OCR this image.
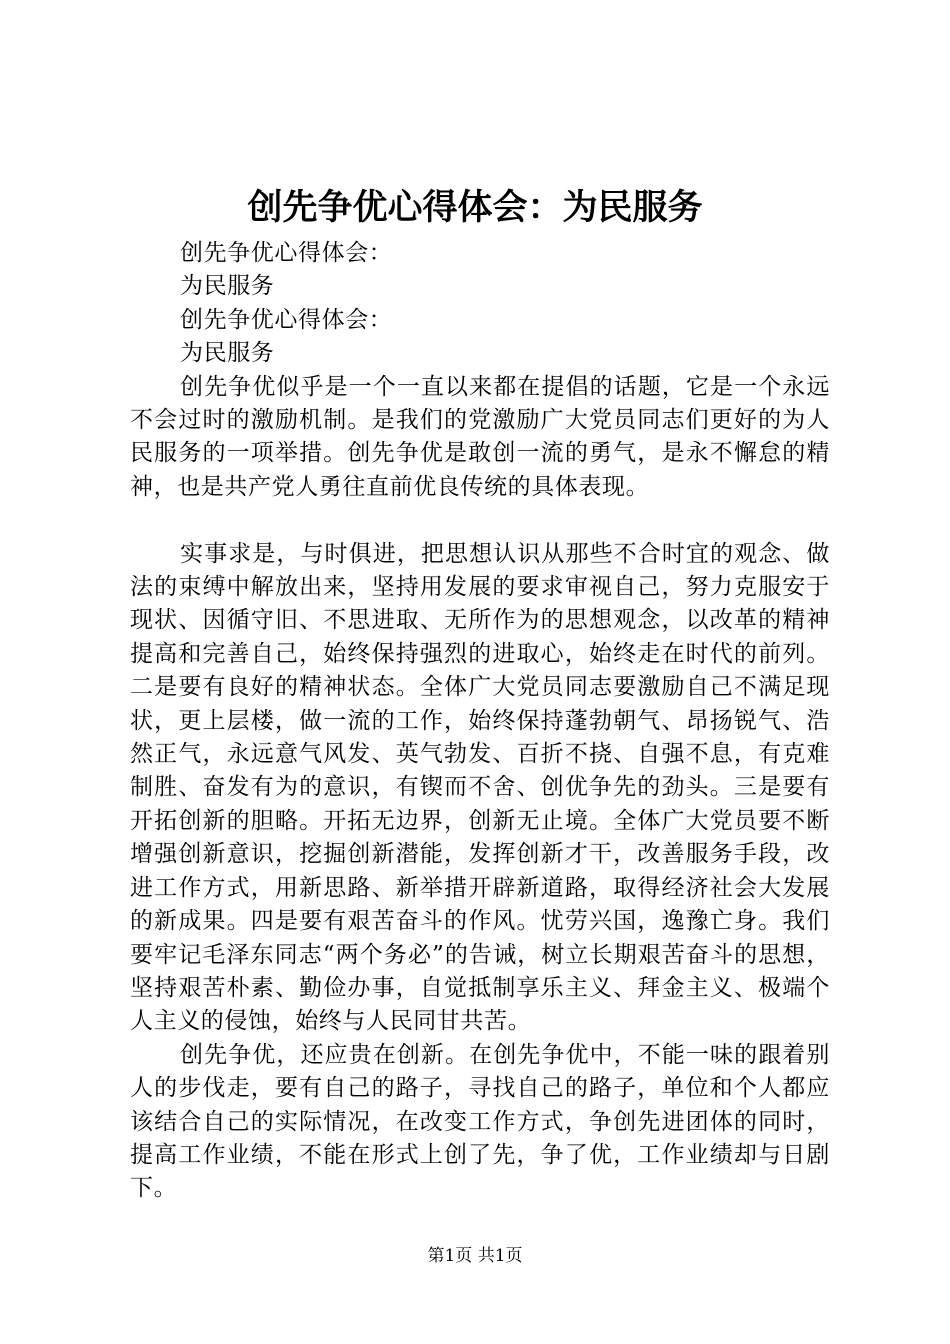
创先争优心得体会：为民服务

创先争优心得体会：

为民服务

创先争优心得体会：

为民服务

创先争优似乎是一个一直以来都在提倡的话题，它是一个永远不会过时的激励机制。是我们的党激励广大党员同志们更好的为人民服务的一项举措。创先争优是敢创一流的勇气，是永不懈怠的精神，也是共产党人勇往直前优良传统的具体表现。

实事求是，与时俱进，把思想认识从那些不合时宜的观念、做法的束缚中解放出来，坚持用发展的要求审视自己，努力克服安于现状、因循守旧、不思进取、无所作为的思想观念，以改革的精神提高和完善自己，始终保持强烈的进取心，始终走在时代的前列。二是要有良好的精神状态。全体广大党员同志要激励自己不满足现状，更上层楼，做一流的工作，始终保持蓬勃朝气、昂扬锐气、浩然正气，永远意气风发、英气勃发、百折不挠、自强不息，有克难制胜、奋发有为的意识，有锲而不舍、创优争先的劲头。三是要有开拓创新的胆略。开拓无边界，创新无止境。全体广大党员要不断增强创新意识，挖掘创新潜能，发挥创新才干，改善服务手段，改进工作方式，用新思路、新举措开辟新道路，取得经济社会大发展的新成果。四是要有艰苦奋斗的作风。忧劳兴国，逸豫亡身。我们要牢记毛泽东同志“两个务必”的告诫，树立长期艰苦奋斗的思想，坚持艰苦朴素、勤俭办事，自觉抵制享乐主义、拜金主义、极端个人主义的侵蚀，始终与人民同甘共苦。

创先争优，还应贵在创新。在创先争优中，不能一味的跟着别人的步伐走，要有自己的路子，寻找自己的路子，单位和个人都应该结合自己的实际情况，在改变工作方式，争创先进团体的同时，提高工作业绩，不能在形式上创了先，争了优，工作业绩却与日剧下。

第1页 共1页
